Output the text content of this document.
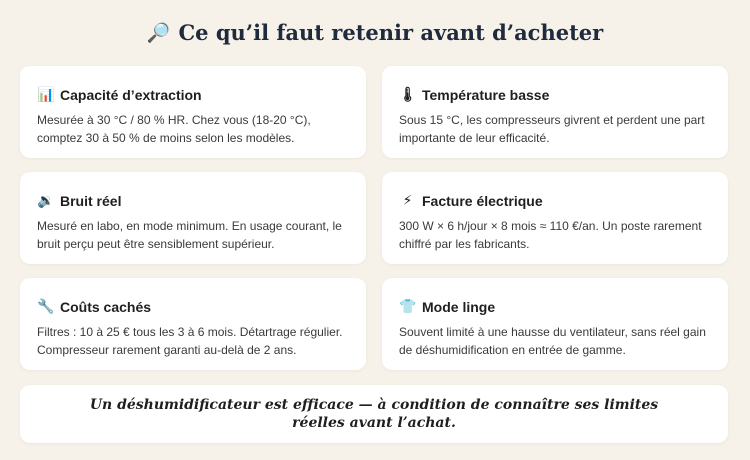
🔎 Ce qu’il faut retenir avant d’acheter
📊 Capacité d’extraction

Mesurée à 30 °C / 80 % HR. Chez vous (18-20 °C), comptez 30 à 50 % de moins selon les modèles.

🌡 Température basse

Sous 15 °C, les compresseurs givrent et perdent une part importante de leur efficacité.

🔉 Bruit réel

Mesuré en labo, en mode minimum. En usage courant, le bruit perçu peut être sensiblement supérieur.

⚡ Facture électrique

300 W × 6 h/jour × 8 mois ≈ 110 €/an. Un poste rarement chiffré par les fabricants.

🔧 Coûts cachés

Filtres : 10 à 25 € tous les 3 à 6 mois. Détartrage régulier. Compresseur rarement garanti au-delà de 2 ans.

👕 Mode linge

Souvent limité à une hausse du ventilateur, sans réel gain de déshumidification en entrée de gamme.

Un déshumidificateur est efficace — à condition de connaître ses limites réelles avant l’achat.
